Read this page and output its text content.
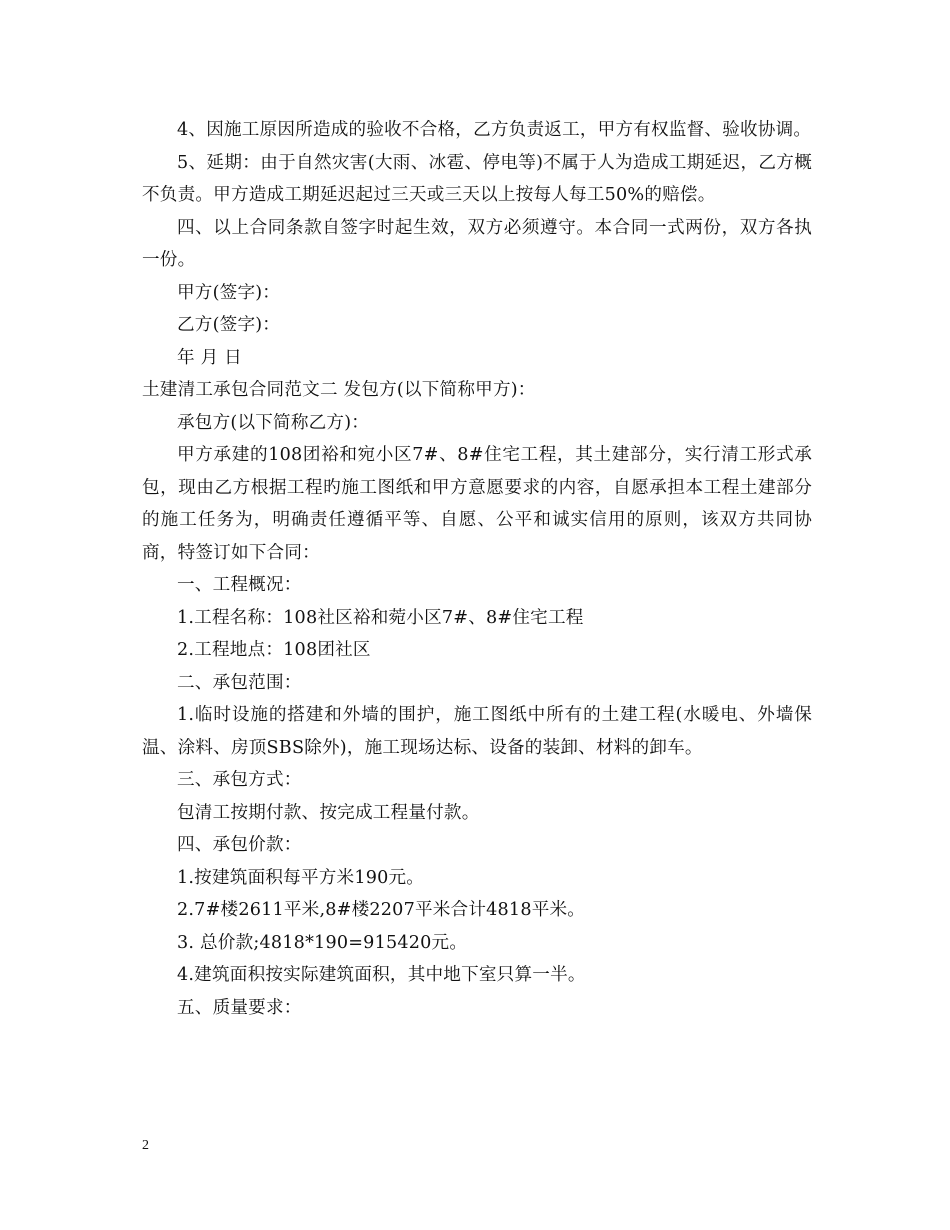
4、因施工原因所造成的验收不合格，乙方负责返工，甲方有权监督、验收协调。

5、延期：由于自然灾害(大雨、冰雹、停电等)不属于人为造成工期延迟，乙方概不负责。甲方造成工期延迟起过三天或三天以上按每人每工50%的赔偿。

四、以上合同条款自签字时起生效，双方必须遵守。本合同一式两份，双方各执一份。

甲方(签字)：

乙方(签字)：

年 月 日

土建清工承包合同范文二 发包方(以下简称甲方)：

承包方(以下简称乙方)：

甲方承建的108团裕和宛小区7#、8#住宅工程，其土建部分，实行清工形式承包，现由乙方根据工程旳施工图纸和甲方意愿要求的内容，自愿承担本工程土建部分的施工任务为，明确责任遵循平等、自愿、公平和诚实信用的原则，该双方共同协商，特签订如下合同：

一、工程概况：

1.工程名称：108社区裕和菀小区7#、8#住宅工程

2.工程地点：108团社区

二、承包范围：

1.临时设施的搭建和外墙的围护，施工图纸中所有的土建工程(水暖电、外墙保温、涂料、房顶SBS除外)，施工现场达标、设备的装卸、材料的卸车。

三、承包方式：

包清工按期付款、按完成工程量付款。

四、承包价款：

1.按建筑面积每平方米190元。

2.7#楼2611平米,8#楼2207平米合计4818平米。

3. 总价款;4818*190=915420元。

4.建筑面积按实际建筑面积，其中地下室只算一半。

五、质量要求：

2
